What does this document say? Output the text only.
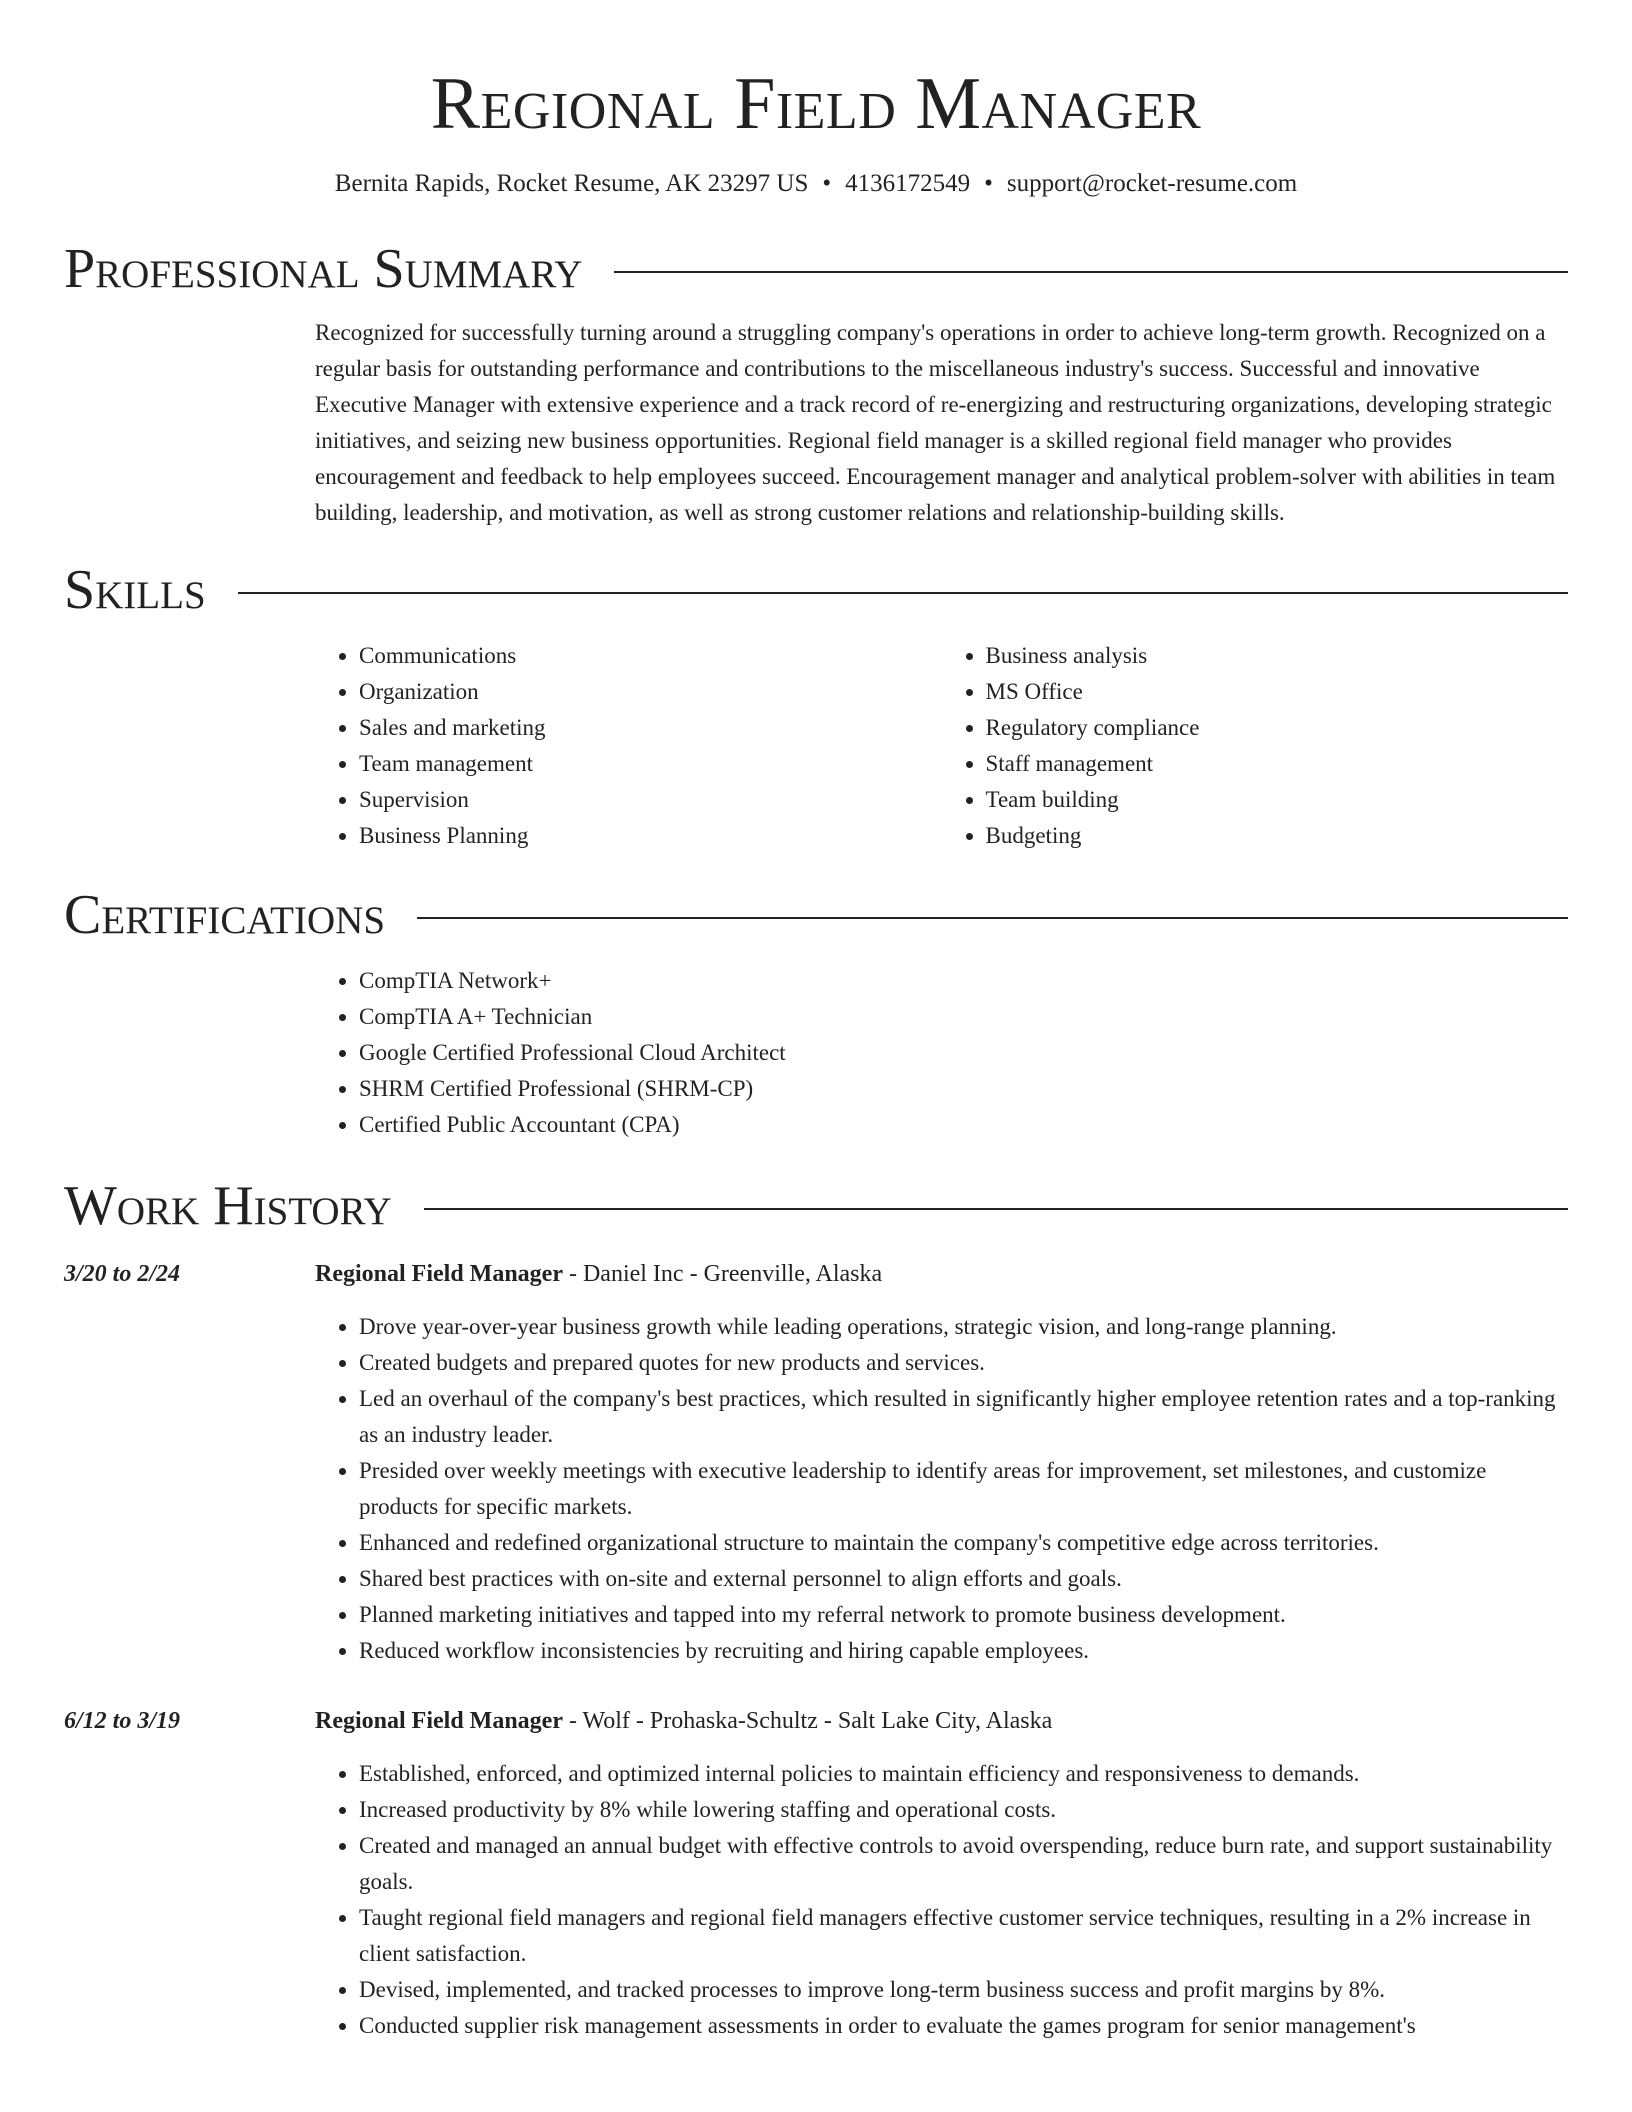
Regional Field Manager
Bernita Rapids, Rocket Resume, AK 23297 US • 4136172549 • support@rocket-resume.com
Professional Summary

Recognized for successfully turning around a struggling company's operations in order to achieve long-term growth. Recognized on a regular basis for outstanding performance and contributions to the miscellaneous industry's success. Successful and innovative Executive Manager with extensive experience and a track record of re-energizing and restructuring organizations, developing strategic initiatives, and seizing new business opportunities. Regional field manager is a skilled regional field manager who provides encouragement and feedback to help employees succeed. Encouragement manager and analytical problem-solver with abilities in team building, leadership, and motivation, as well as strong customer relations and relationship-building skills.

Skills
• Communications
• Organization
• Sales and marketing
• Team management
• Supervision
• Business Planning
• Business analysis
• MS Office
• Regulatory compliance
• Staff management
• Team building
• Budgeting
Certifications
• CompTIA Network+
• CompTIA A+ Technician
• Google Certified Professional Cloud Architect
• SHRM Certified Professional (SHRM-CP)
• Certified Public Accountant (CPA)
Work History
3/20 to 2/24	Regional Field Manager - Daniel Inc - Greenville, Alaska
• Drove year-over-year business growth while leading operations, strategic vision, and long-range planning.
• Created budgets and prepared quotes for new products and services.
• Led an overhaul of the company's best practices, which resulted in significantly higher employee retention rates and a top-ranking as an industry leader.
• Presided over weekly meetings with executive leadership to identify areas for improvement, set milestones, and customize products for specific markets.
• Enhanced and redefined organizational structure to maintain the company's competitive edge across territories.
• Shared best practices with on-site and external personnel to align efforts and goals.
• Planned marketing initiatives and tapped into my referral network to promote business development.
• Reduced workflow inconsistencies by recruiting and hiring capable employees.
6/12 to 3/19	Regional Field Manager - Wolf - Prohaska-Schultz - Salt Lake City, Alaska
• Established, enforced, and optimized internal policies to maintain efficiency and responsiveness to demands.
• Increased productivity by 8% while lowering staffing and operational costs.
• Created and managed an annual budget with effective controls to avoid overspending, reduce burn rate, and support sustainability goals.
• Taught regional field managers and regional field managers effective customer service techniques, resulting in a 2% increase in client satisfaction.
• Devised, implemented, and tracked processes to improve long-term business success and profit margins by 8%.
• Conducted supplier risk management assessments in order to evaluate the games program for senior management's
